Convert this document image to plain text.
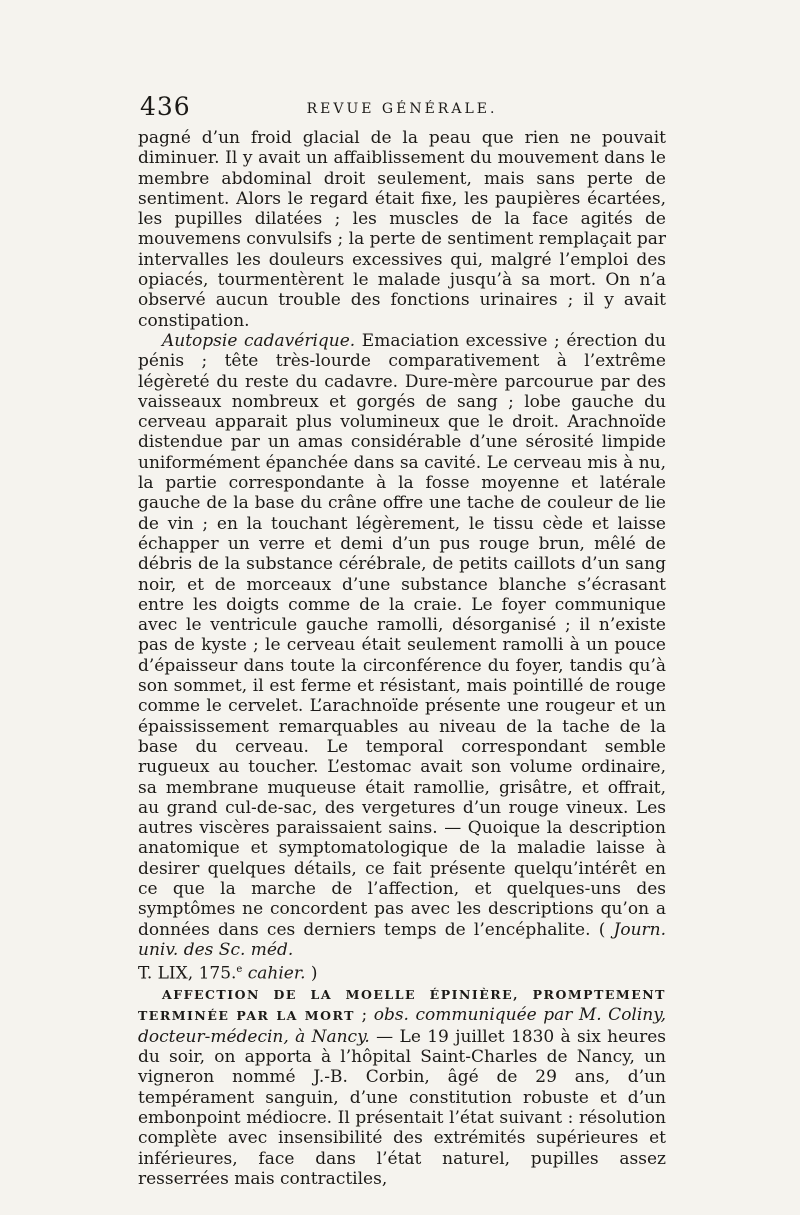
436	REVUE GÉNÉRALE.

pagné d’un froid glacial de la peau que rien ne pouvait diminuer. Il y avait un affaiblissement du mouvement dans le membre abdominal droit seulement, mais sans perte de sentiment. Alors le regard était fixe, les paupières écartées, les pupilles dilatées ; les muscles de la face agités de mouvemens convulsifs ; la perte de sentiment remplaçait par intervalles les douleurs excessives qui, malgré l’emploi des opiacés, tourmentèrent le malade jusqu’à sa mort. On n’a observé aucun trouble des fonctions urinaires ; il y avait constipation.

Autopsie cadavérique. Emaciation excessive ; érection du pénis ; tête très-lourde comparativement à l’extrême légèreté du reste du cadavre. Dure-mère parcourue par des vaisseaux nombreux et gorgés de sang ; lobe gauche du cerveau apparait plus volumineux que le droit. Arachnoïde distendue par un amas considérable d’une sérosité limpide uniformément épanchée dans sa cavité. Le cerveau mis à nu, la partie correspondante à la fosse moyenne et latérale gauche de la base du crâne offre une tache de couleur de lie de vin ; en la touchant légèrement, le tissu cède et laisse échapper un verre et demi d’un pus rouge brun, mêlé de débris de la substance cérébrale, de petits caillots d’un sang noir, et de morceaux d’une substance blanche s’écrasant entre les doigts comme de la craie. Le foyer communique avec le ventricule gauche ramolli, désorganisé ; il n’existe pas de kyste ; le cerveau était seulement ramolli à un pouce d’épaisseur dans toute la circonférence du foyer, tandis qu’à son sommet, il est ferme et résistant, mais pointillé de rouge comme le cervelet. L’arachnoïde présente une rougeur et un épaississement remarquables au niveau de la tache de la base du cerveau. Le temporal correspondant semble rugueux au toucher. L’estomac avait son volume ordinaire, sa membrane muqueuse était ramollie, grisâtre, et offrait, au grand cul-de-sac, des vergetures d’un rouge vineux. Les autres viscères paraissaient sains. — Quoique la description anatomique et symptomatologique de la maladie laisse à desirer quelques détails, ce fait présente quelqu’intérêt en ce que la marche de l’affection, et quelques-uns des symptômes ne concordent pas avec les descriptions qu’on a données dans ces derniers temps de l’encéphalite. ( Journ. univ. des Sc. méd.
T. LIX, 175.$^e$ cahier. )

AFFECTION DE LA MOELLE ÉPINIÈRE, PROMPTEMENT TERMINÉE PAR LA MORT ; obs. communiquée par M. Coliny, docteur-médecin, à Nancy. — Le 19 juillet 1830 à six heures du soir, on apporta à l’hôpital Saint-Charles de Nancy, un vigneron nommé J.-B. Corbin, âgé de 29 ans, d’un tempérament sanguin, d’une constitution robuste et d’un embonpoint médiocre. Il présentait l’état suivant : résolution complète avec insensibilité des extrémités supérieures et inférieures, face dans l’état naturel, pupilles assez resserrées mais contractiles,
